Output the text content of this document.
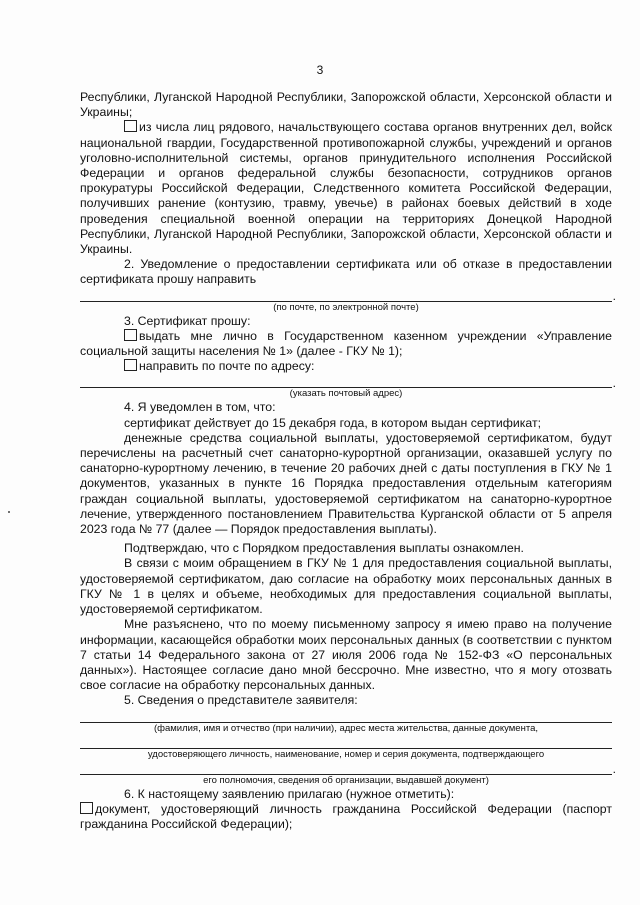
3

Республики, Луганской Народной Республики, Запорожской области, Херсонской области и Украины;

из числа лиц рядового, начальствующего состава органов внутренних дел, войск национальной гвардии, Государственной противопожарной службы, учреждений и органов уголовно-исполнительной системы, органов принудительного исполнения Российской Федерации и органов федеральной службы безопасности, сотрудников органов прокуратуры Российской Федерации, Следственного комитета Российской Федерации, получивших ранение (контузию, травму, увечье) в районах боевых действий в ходе проведения специальной военной операции на территориях Донецкой Народной Республики, Луганской Народной Республики, Запорожской области, Херсонской области и Украины.

2. Уведомление о предоставлении сертификата или об отказе в предоставлении сертификата прошу направить

.

(по почте, по электронной почте)

3. Сертификат прошу:

выдать мне лично в Государственном казенном учреждении «Управление социальной защиты населения № 1» (далее - ГКУ № 1);

направить по почте по адресу:

.

(указать почтовый адрес)

4. Я уведомлен в том, что:

сертификат действует до 15 декабря года, в котором выдан сертификат;

денежные средства социальной выплаты, удостоверяемой сертификатом, будут перечислены на расчетный счет санаторно-курортной организации, оказавшей услугу по санаторно-курортному лечению, в течение 20 рабочих дней с даты поступления в ГКУ № 1 документов, указанных в пункте 16 Порядка предоставления отдельным категориям граждан социальной выплаты, удостоверяемой сертификатом на санаторно-курортное лечение, утвержденного постановлением Правительства Курганской области от 5 апреля 2023 года № 77 (далее — Порядок предоставления выплаты).

Подтверждаю, что с Порядком предоставления выплаты ознакомлен.

В связи с моим обращением в ГКУ № 1 для предоставления социальной выплаты, удостоверяемой сертификатом, даю согласие на обработку моих персональных данных в ГКУ № 1 в целях и объеме, необходимых для предоставления социальной выплаты, удостоверяемой сертификатом.

Мне разъяснено, что по моему письменному запросу я имею право на получение информации, касающейся обработки моих персональных данных (в соответствии с пунктом 7 статьи 14 Федерального закона от 27 июля 2006 года № 152-ФЗ «О персональных данных»). Настоящее согласие дано мной бессрочно. Мне известно, что я могу отозвать свое согласие на обработку персональных данных.

5. Сведения о представителе заявителя:

(фамилия, имя и отчество (при наличии), адрес места жительства, данные документа,

удостоверяющего личность, наименование, номер и серия документа, подтверждающего

.

его полномочия, сведения об организации, выдавшей документ)

6. К настоящему заявлению прилагаю (нужное отметить):

документ, удостоверяющий личность гражданина Российской Федерации (паспорт гражданина Российской Федерации);
